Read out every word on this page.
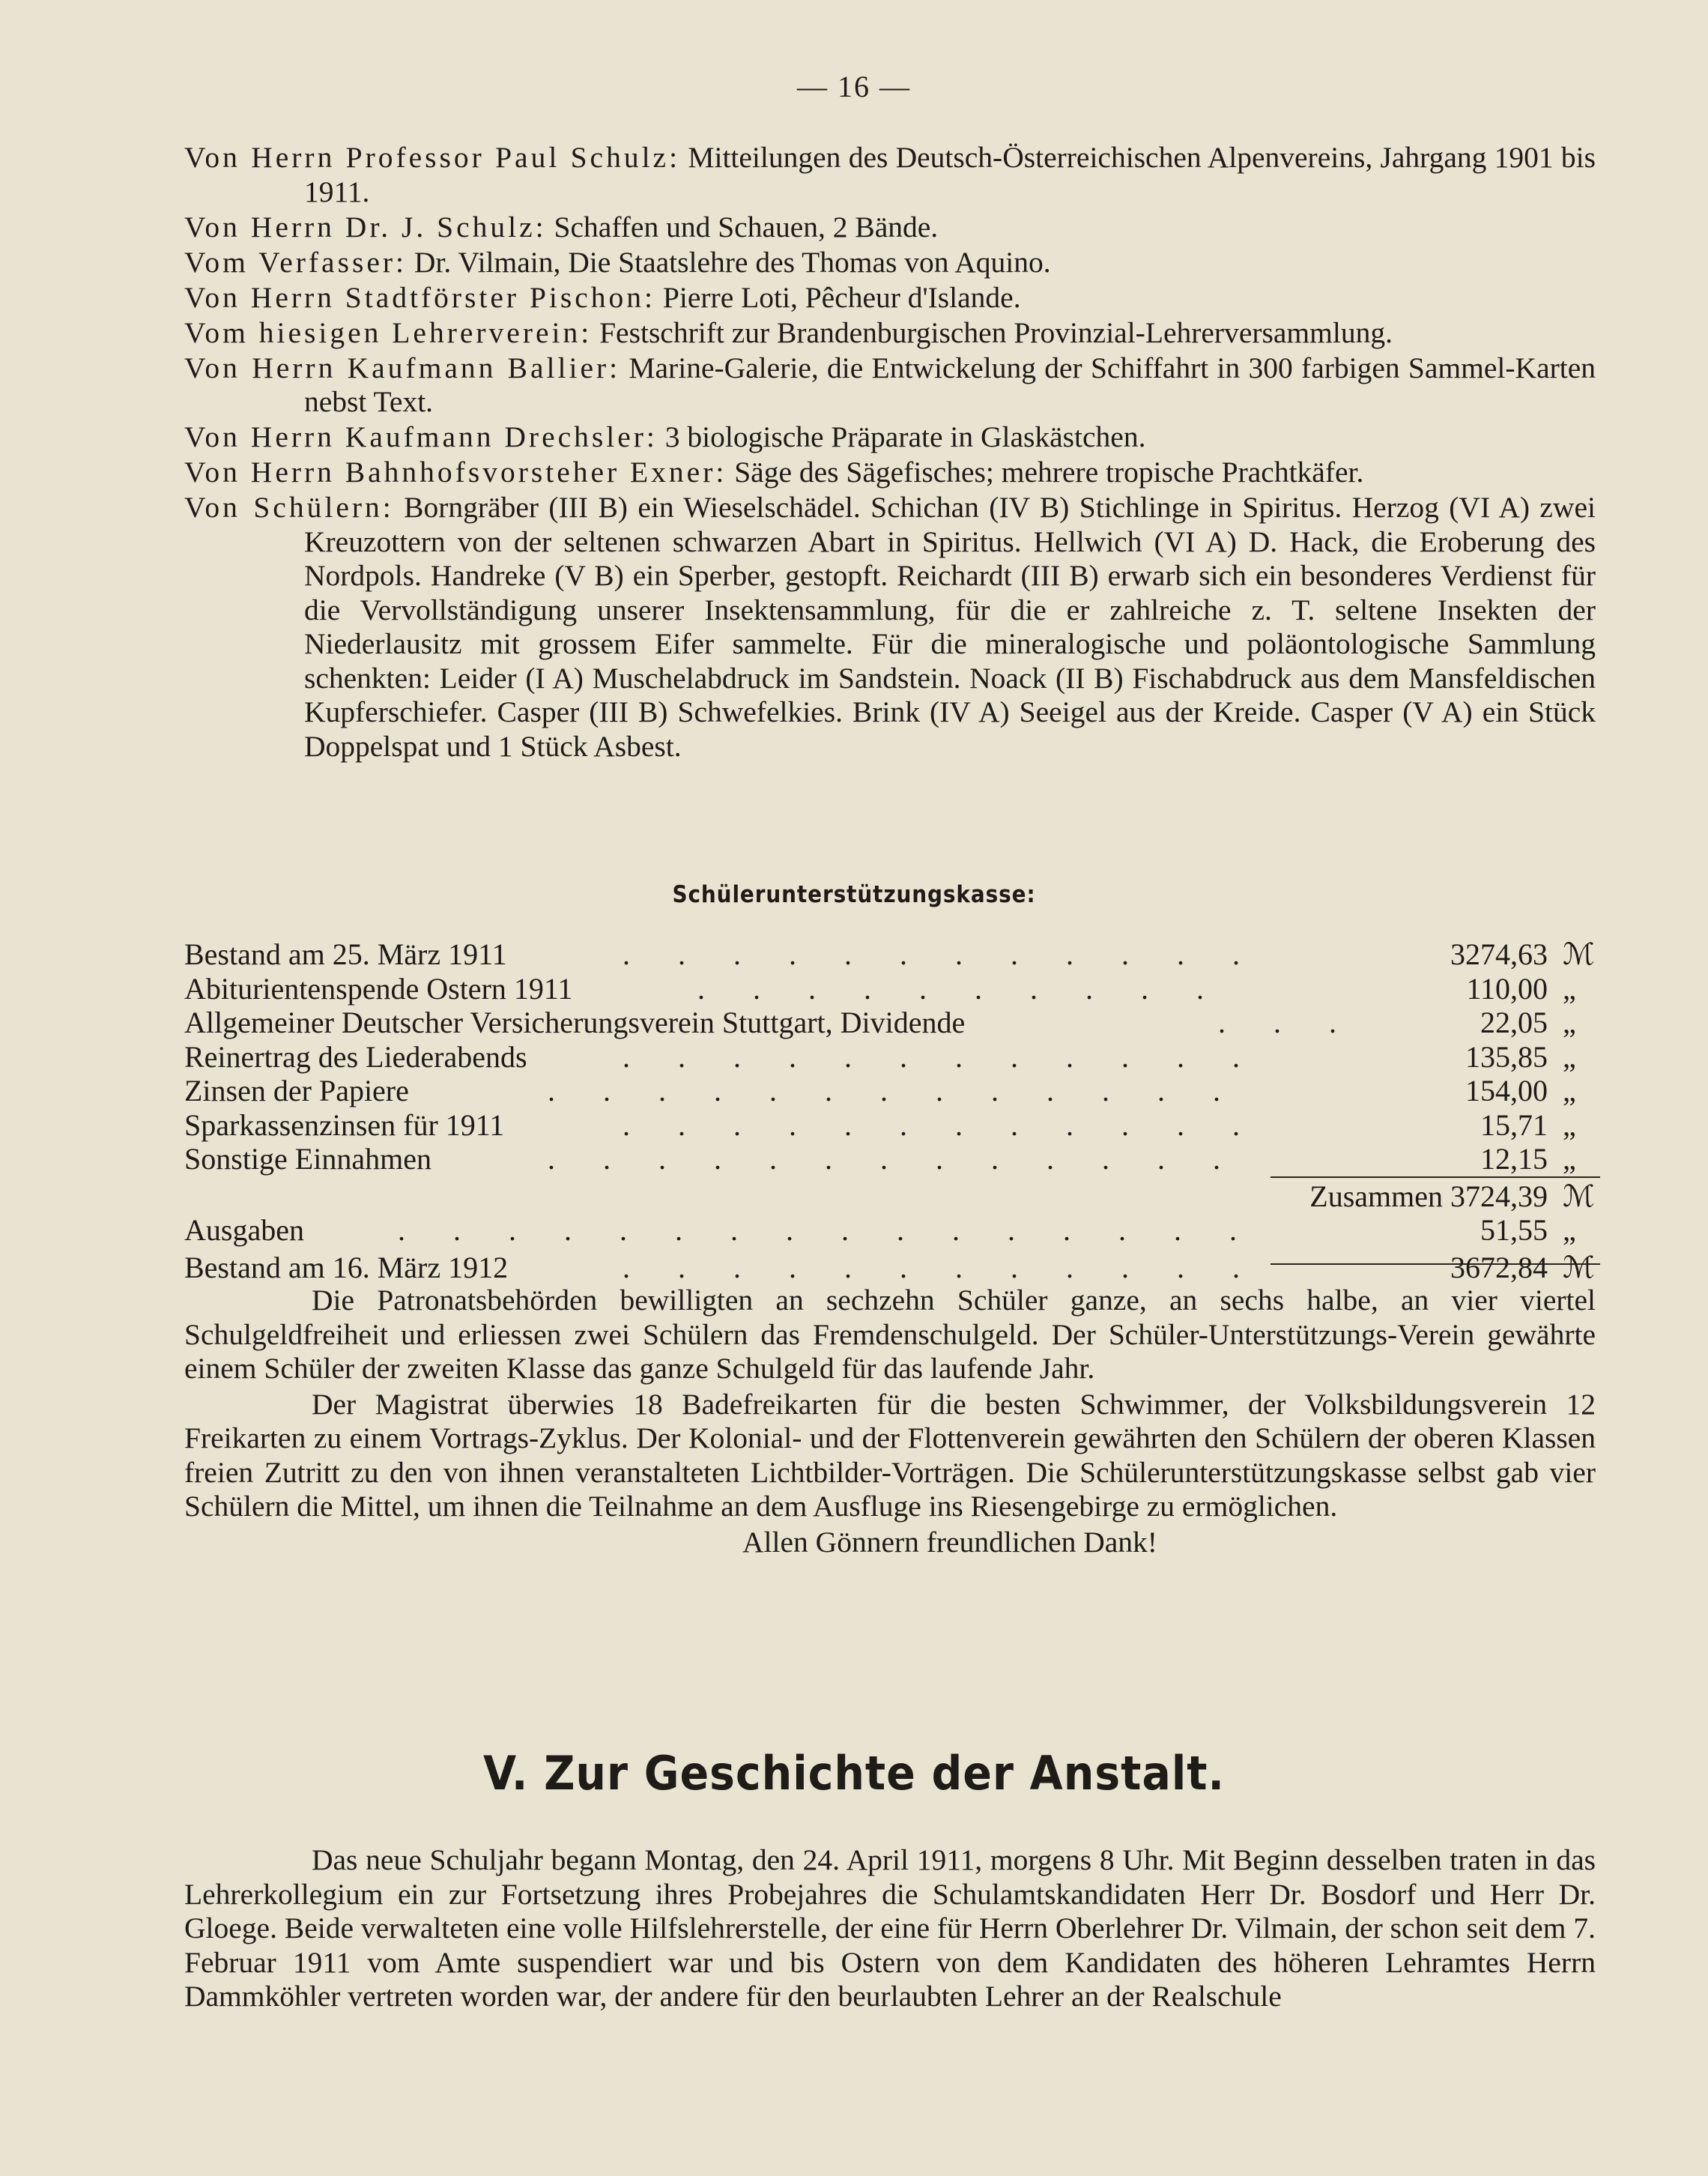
— 16 —

Von Herrn Professor Paul Schulz: Mitteilungen des Deutsch-Österreichischen Alpenvereins, Jahrgang 1901 bis 1911.

Von Herrn Dr. J. Schulz: Schaffen und Schauen, 2 Bände.

Vom Verfasser: Dr. Vilmain, Die Staatslehre des Thomas von Aquino.

Von Herrn Stadtförster Pischon: Pierre Loti, Pêcheur d'Islande.

Vom hiesigen Lehrerverein: Festschrift zur Brandenburgischen Provinzial-Lehrerversammlung.

Von Herrn Kaufmann Ballier: Marine-Galerie, die Entwickelung der Schiffahrt in 300 farbigen Sammel-Karten nebst Text.

Von Herrn Kaufmann Drechsler: 3 biologische Präparate in Glaskästchen.

Von Herrn Bahnhofsvorsteher Exner: Säge des Sägefisches; mehrere tropische Prachtkäfer.

Von Schülern: Borngräber (III B) ein Wieselschädel. Schichan (IV B) Stichlinge in Spiritus. Herzog (VI A) zwei Kreuzottern von der seltenen schwarzen Abart in Spiritus. Hellwich (VI A) D. Hack, die Eroberung des Nordpols. Handreke (V B) ein Sperber, gestopft. Reichardt (III B) erwarb sich ein besonderes Verdienst für die Vervollständigung unserer Insektensammlung, für die er zahlreiche z. T. seltene Insekten der Niederlausitz mit grossem Eifer sammelte. Für die mineralogische und poläontologische Sammlung schenkten: Leider (I A) Muschelabdruck im Sandstein. Noack (II B) Fischabdruck aus dem Mansfeldischen Kupferschiefer. Casper (III B) Schwefelkies. Brink (IV A) Seeigel aus der Kreide. Casper (V A) ein Stück Doppelspat und 1 Stück Asbest.

Schülerunterstützungskasse:
Bestand am 25. März 1911	. . . . . . . . . . . .	3274,63 ℳ
Abiturientenspende Ostern 1911	. . . . . . . . . .	110,00 „
Allgemeiner Deutscher Versicherungsverein Stuttgart, Dividende	. . .	22,05 „
Reinertrag des Liederabends	. . . . . . . . . . . .	135,85 „
Zinsen der Papiere	. . . . . . . . . . . . .	154,00 „
Sparkassenzinsen für 1911	. . . . . . . . . . . .	15,71 „
Sonstige Einnahmen	. . . . . . . . . . . . .	12,15 „
Zusammen 3724,39 ℳ
Ausgaben	. . . . . . . . . . . . . . . .	51,55 „
Bestand am 16. März 1912	. . . . . . . . . . . .	3672,84 ℳ

Die Patronatsbehörden bewilligten an sechzehn Schüler ganze, an sechs halbe, an vier viertel Schulgeldfreiheit und erliessen zwei Schülern das Fremdenschulgeld. Der Schüler-Unterstützungs-Verein gewährte einem Schüler der zweiten Klasse das ganze Schulgeld für das laufende Jahr.

Der Magistrat überwies 18 Badefreikarten für die besten Schwimmer, der Volksbildungsverein 12 Freikarten zu einem Vortrags-Zyklus. Der Kolonial- und der Flottenverein gewährten den Schülern der oberen Klassen freien Zutritt zu den von ihnen veranstalteten Lichtbilder-Vorträgen. Die Schülerunterstützungskasse selbst gab vier Schülern die Mittel, um ihnen die Teilnahme an dem Ausfluge ins Riesengebirge zu ermöglichen.

Allen Gönnern freundlichen Dank!

V. Zur Geschichte der Anstalt.

Das neue Schuljahr begann Montag, den 24. April 1911, morgens 8 Uhr. Mit Beginn desselben traten in das Lehrerkollegium ein zur Fortsetzung ihres Probejahres die Schulamtskandidaten Herr Dr. Bosdorf und Herr Dr. Gloege. Beide verwalteten eine volle Hilfslehrerstelle, der eine für Herrn Oberlehrer Dr. Vilmain, der schon seit dem 7. Februar 1911 vom Amte suspendiert war und bis Ostern von dem Kandidaten des höheren Lehramtes Herrn Dammköhler vertreten worden war, der andere für den beurlaubten Lehrer an der Realschule
